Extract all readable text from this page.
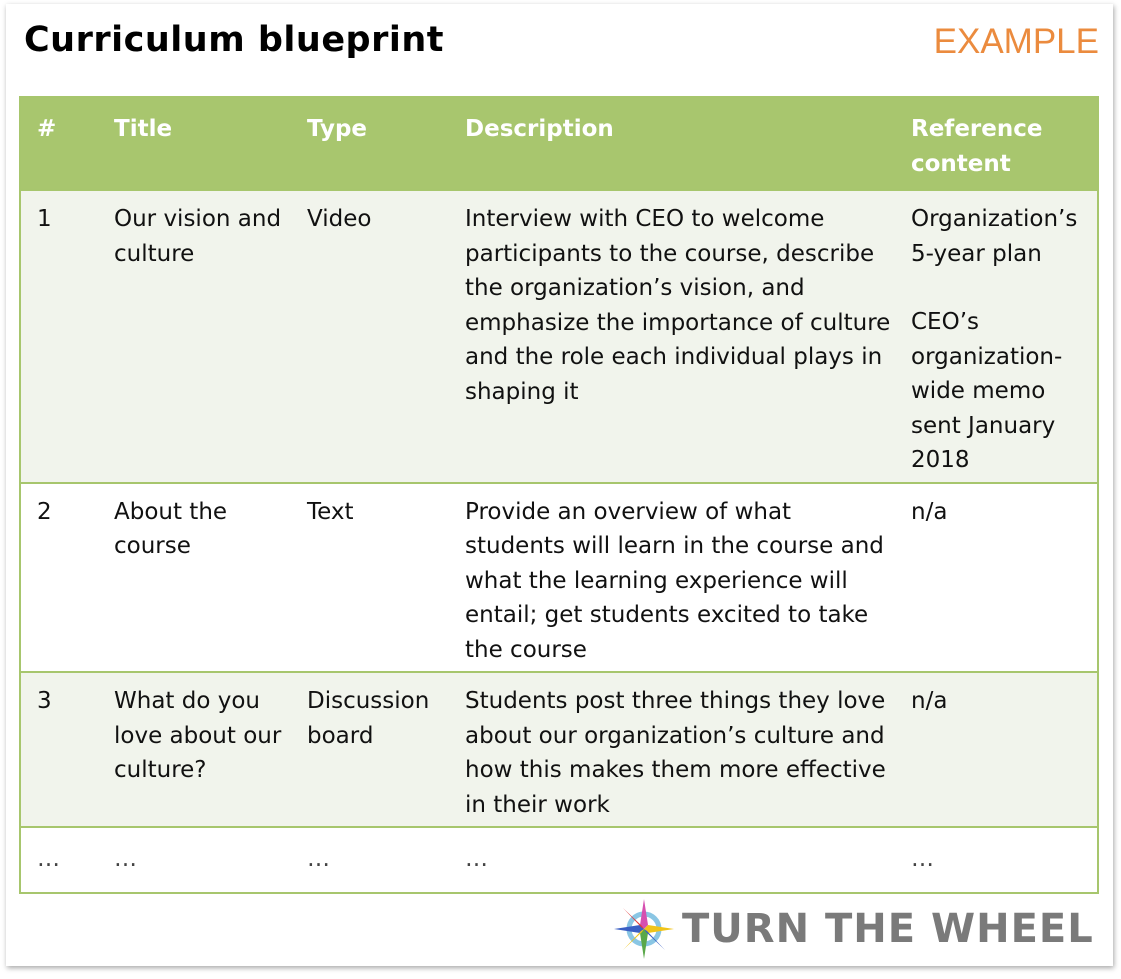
Curriculum blueprint	EXAMPLE
#	Title	Type	Description	Reference content
1	Our vision and culture	Video	Interview with CEO to welcome participants to the course, describe the organization’s vision, and emphasize the importance of culture and the role each individual plays in shaping it	Organization’s 5-year plan
CEO’s organization-wide memo sent January 2018

2	About the course	Text	Provide an overview of what students will learn in the course and what the learning experience will entail; get students excited to take the course	n/a

3	What do you love about our culture?	Discussion board	Students post three things they love about our organization’s culture and how this makes them more effective in their work	n/a

…	…	…	…	…
TURN THE WHEEL
